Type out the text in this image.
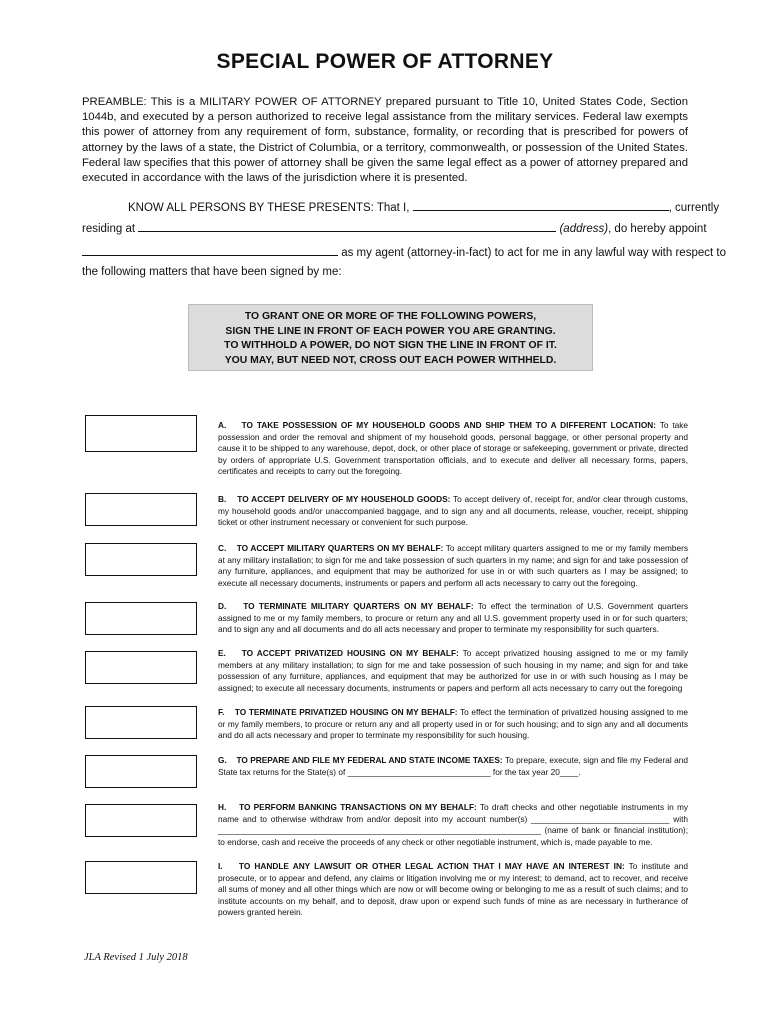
SPECIAL POWER OF ATTORNEY
PREAMBLE: This is a MILITARY POWER OF ATTORNEY prepared pursuant to Title 10, United States Code, Section 1044b, and executed by a person authorized to receive legal assistance from the military services. Federal law exempts this power of attorney from any requirement of form, substance, formality, or recording that is prescribed for powers of attorney by the laws of a state, the District of Columbia, or a territory, commonwealth, or possession of the United States. Federal law specifies that this power of attorney shall be given the same legal effect as a power of attorney prepared and executed in accordance with the laws of the jurisdiction where it is presented.
KNOW ALL PERSONS BY THESE PRESENTS: That I,	, currently
residing at	(address), do hereby appoint
as my agent (attorney-in-fact) to act for me in any lawful way with respect to
the following matters that have been signed by me:
TO GRANT ONE OR MORE OF THE FOLLOWING POWERS,
SIGN THE LINE IN FRONT OF EACH POWER YOU ARE GRANTING.
TO WITHHOLD A POWER, DO NOT SIGN THE LINE IN FRONT OF IT.
YOU MAY, BUT NEED NOT, CROSS OUT EACH POWER WITHHELD.
A. TO TAKE POSSESSION OF MY HOUSEHOLD GOODS AND SHIP THEM TO A DIFFERENT LOCATION: To take possession and order the removal and shipment of my household goods, personal baggage, or other personal property and cause it to be shipped to any warehouse, depot, dock, or other place of storage or safekeeping, government or private, directed by orders of appropriate U.S. Government transportation officials, and to execute and deliver all necessary forms, papers, certificates and receipts to carry out the foregoing.
B. TO ACCEPT DELIVERY OF MY HOUSEHOLD GOODS: To accept delivery of, receipt for, and/or clear through customs, my household goods and/or unaccompanied baggage, and to sign any and all documents, release, voucher, receipt, shipping ticket or other instrument necessary or convenient for such purpose.
C. TO ACCEPT MILITARY QUARTERS ON MY BEHALF: To accept military quarters assigned to me or my family members at any military installation; to sign for me and take possession of such quarters in my name; and sign for and take possession of any furniture, appliances, and equipment that may be authorized for use in or with such quarters as I may be assigned; to execute all necessary documents, instruments or papers and perform all acts necessary to carry out the foregoing.
D. TO TERMINATE MILITARY QUARTERS ON MY BEHALF: To effect the termination of U.S. Government quarters assigned to me or my family members, to procure or return any and all U.S. government property used in or for such quarters; and to sign any and all documents and do all acts necessary and proper to terminate my responsibility for such quarters.
E. TO ACCEPT PRIVATIZED HOUSING ON MY BEHALF: To accept privatized housing assigned to me or my family members at any military installation; to sign for me and take possession of such housing in my name; and sign for and take possession of any furniture, appliances, and equipment that may be authorized for use in or with such housing as I may be assigned; to execute all necessary documents, instruments or papers and perform all acts necessary to carry out the foregoing
F. TO TERMINATE PRIVATIZED HOUSING ON MY BEHALF: To effect the termination of privatized housing assigned to me or my family members, to procure or return any and all property used in or for such housing; and to sign any and all documents and do all acts necessary and proper to terminate my responsibility for such housing.
G. TO PREPARE AND FILE MY FEDERAL AND STATE INCOME TAXES: To prepare, execute, sign and file my Federal and State tax returns for the State(s) of _______________________________ for the tax year 20____.
H. TO PERFORM BANKING TRANSACTIONS ON MY BEHALF: To draft checks and other negotiable instruments in my name and to otherwise withdraw from and/or deposit into my account number(s) ______________________________ with ______________________________________________________________________ (name of bank or financial institution); to endorse, cash and receive the proceeds of any check or other negotiable instrument, which is, made payable to me.
I. TO HANDLE ANY LAWSUIT OR OTHER LEGAL ACTION THAT I MAY HAVE AN INTEREST IN: To institute and prosecute, or to appear and defend, any claims or litigation involving me or my interest; to demand, act to recover, and receive all sums of money and all other things which are now or will become owing or belonging to me as a result of such claims; and to institute accounts on my behalf, and to deposit, draw upon or expend such funds of mine as are necessary in furtherance of powers granted herein.
JLA Revised 1 July 2018
